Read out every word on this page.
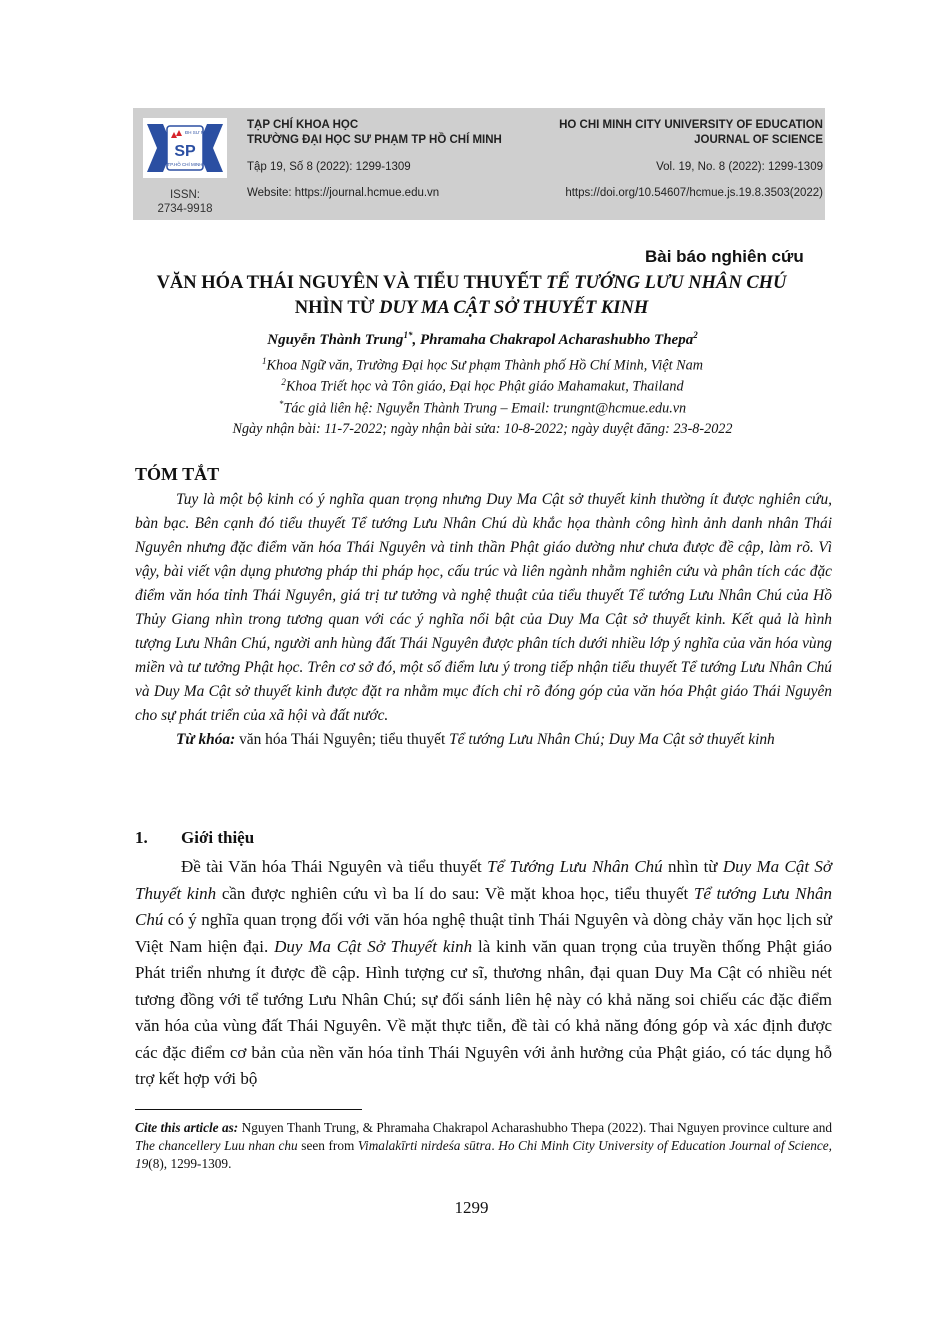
ĐH SƯ PHẠM
SP
TP.HỒ CHÍ MINH
ISSN:
2734-9918
TẠP CHÍ KHOA HỌC
TRƯỜNG ĐẠI HỌC SƯ PHẠM TP HỒ CHÍ MINH
Tập 19, Số 8 (2022): 1299-1309
Website: https://journal.hcmue.edu.vn
HO CHI MINH CITY UNIVERSITY OF EDUCATION
JOURNAL OF SCIENCE
Vol. 19, No. 8 (2022): 1299-1309
https://doi.org/10.54607/hcmue.js.19.8.3503(2022)
Bài báo nghiên cứu
VĂN HÓA THÁI NGUYÊN VÀ TIỂU THUYẾT TỂ TƯỚNG LƯU NHÂN CHÚ
NHÌN TỪ DUY MA CẬT SỞ THUYẾT KINH
Nguyễn Thành Trung$^{1*}$, Phramaha Chakrapol Acharashubho Thepa$^2$
$^1$Khoa Ngữ văn, Trường Đại học Sư phạm Thành phố Hồ Chí Minh, Việt Nam
$^2$Khoa Triết học và Tôn giáo, Đại học Phật giáo Mahamakut, Thailand
*Tác giả liên hệ: Nguyễn Thành Trung – Email: trungnt@hcmue.edu.vn
Ngày nhận bài: 11-7-2022; ngày nhận bài sửa: 10-8-2022; ngày duyệt đăng: 23-8-2022
TÓM TẮT

Tuy là một bộ kinh có ý nghĩa quan trọng nhưng Duy Ma Cật sở thuyết kinh thường ít được nghiên cứu, bàn bạc. Bên cạnh đó tiểu thuyết Tể tướng Lưu Nhân Chú dù khắc họa thành công hình ảnh danh nhân Thái Nguyên nhưng đặc điểm văn hóa Thái Nguyên và tinh thần Phật giáo dường như chưa được đề cập, làm rõ. Vì vậy, bài viết vận dụng phương pháp thi pháp học, cấu trúc và liên ngành nhằm nghiên cứu và phân tích các đặc điểm văn hóa tỉnh Thái Nguyên, giá trị tư tưởng và nghệ thuật của tiểu thuyết Tể tướng Lưu Nhân Chú của Hồ Thủy Giang nhìn trong tương quan với các ý nghĩa nổi bật của Duy Ma Cật sở thuyết kinh. Kết quả là hình tượng Lưu Nhân Chú, người anh hùng đất Thái Nguyên được phân tích dưới nhiều lớp ý nghĩa của văn hóa vùng miền và tư tưởng Phật học. Trên cơ sở đó, một số điểm lưu ý trong tiếp nhận tiểu thuyết Tể tướng Lưu Nhân Chú và Duy Ma Cật sở thuyết kinh được đặt ra nhằm mục đích chỉ rõ đóng góp của văn hóa Phật giáo Thái Nguyên cho sự phát triển của xã hội và đất nước.

Từ khóa: văn hóa Thái Nguyên; tiểu thuyết Tể tướng Lưu Nhân Chú; Duy Ma Cật sở thuyết kinh

1. Giới thiệu
Đề tài Văn hóa Thái Nguyên và tiểu thuyết Tể Tướng Lưu Nhân Chú nhìn từ Duy Ma Cật Sở Thuyết kinh cần được nghiên cứu vì ba lí do sau: Về mặt khoa học, tiểu thuyết Tể tướng Lưu Nhân Chú có ý nghĩa quan trọng đối với văn hóa nghệ thuật tỉnh Thái Nguyên và dòng chảy văn học lịch sử Việt Nam hiện đại. Duy Ma Cật Sở Thuyết kinh là kinh văn quan trọng của truyền thống Phật giáo Phát triển nhưng ít được đề cập. Hình tượng cư sĩ, thương nhân, đại quan Duy Ma Cật có nhiều nét tương đồng với tể tướng Lưu Nhân Chú; sự đối sánh liên hệ này có khả năng soi chiếu các đặc điểm văn hóa của vùng đất Thái Nguyên. Về mặt thực tiễn, đề tài có khả năng đóng góp và xác định được các đặc điểm cơ bản của nền văn hóa tỉnh Thái Nguyên với ảnh hưởng của Phật giáo, có tác dụng hỗ trợ kết hợp với bộ
Cite this article as: Nguyen Thanh Trung, & Phramaha Chakrapol Acharashubho Thepa (2022). Thai Nguyen province culture and The chancellery Luu nhan chu seen from Vimalakīrti nirdeśa sūtra. Ho Chi Minh City University of Education Journal of Science, 19(8), 1299-1309.
1299
